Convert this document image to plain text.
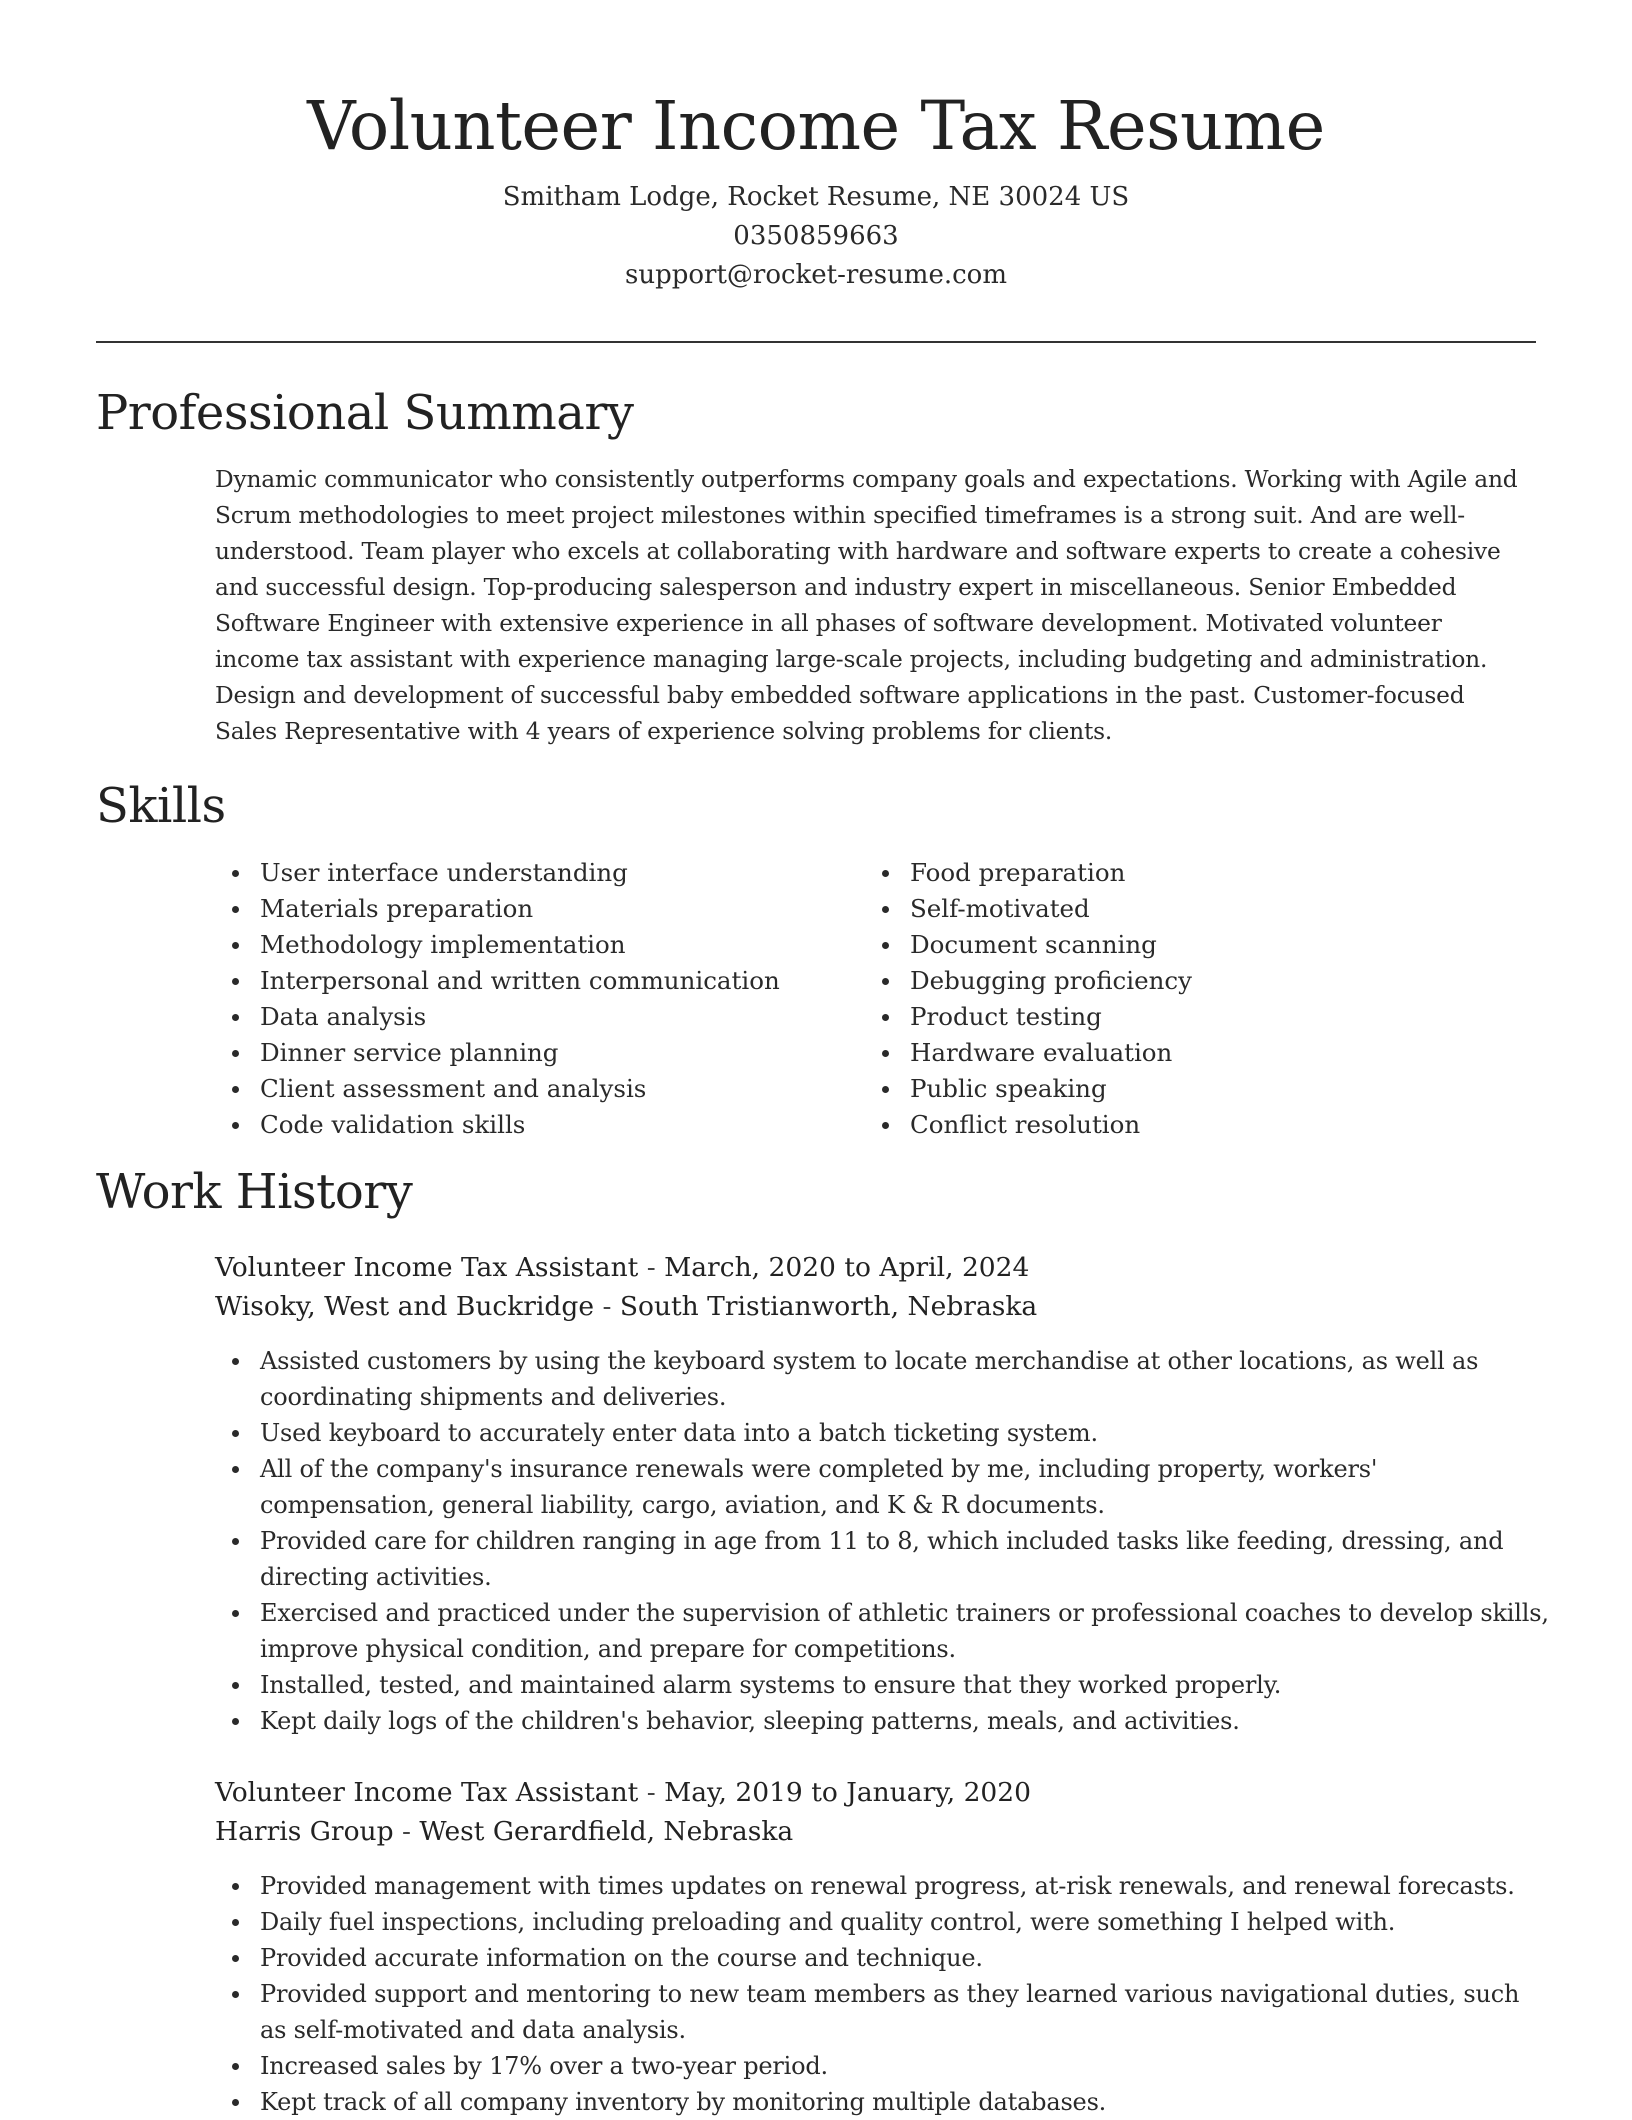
Volunteer Income Tax Resume
Smitham Lodge, Rocket Resume, NE 30024 US
0350859663
support@rocket-resume.com
Professional Summary

Dynamic communicator who consistently outperforms company goals and expectations. Working with Agile and Scrum methodologies to meet project milestones within specified timeframes is a strong suit. And are well-understood. Team player who excels at collaborating with hardware and software experts to create a cohesive and successful design. Top-producing salesperson and industry expert in miscellaneous. Senior Embedded Software Engineer with extensive experience in all phases of software development. Motivated volunteer income tax assistant with experience managing large-scale projects, including budgeting and administration. Design and development of successful baby embedded software applications in the past. Customer-focused Sales Representative with 4 years of experience solving problems for clients.

Skills
User interface understanding
Materials preparation
Methodology implementation
Interpersonal and written communication
Data analysis
Dinner service planning
Client assessment and analysis
Code validation skills
Food preparation
Self-motivated
Document scanning
Debugging proficiency
Product testing
Hardware evaluation
Public speaking
Conflict resolution
Work History
Volunteer Income Tax Assistant - March, 2020 to April, 2024
Wisoky, West and Buckridge - South Tristianworth, Nebraska
Assisted customers by using the keyboard system to locate merchandise at other locations, as well as coordinating shipments and deliveries.
Used keyboard to accurately enter data into a batch ticketing system.
All of the company's insurance renewals were completed by me, including property, workers' compensation, general liability, cargo, aviation, and K & R documents.
Provided care for children ranging in age from 11 to 8, which included tasks like feeding, dressing, and directing activities.
Exercised and practiced under the supervision of athletic trainers or professional coaches to develop skills, improve physical condition, and prepare for competitions.
Installed, tested, and maintained alarm systems to ensure that they worked properly.
Kept daily logs of the children's behavior, sleeping patterns, meals, and activities.
Volunteer Income Tax Assistant - May, 2019 to January, 2020
Harris Group - West Gerardfield, Nebraska
Provided management with times updates on renewal progress, at-risk renewals, and renewal forecasts.
Daily fuel inspections, including preloading and quality control, were something I helped with.
Provided accurate information on the course and technique.
Provided support and mentoring to new team members as they learned various navigational duties, such as self-motivated and data analysis.
Increased sales by 17% over a two-year period.
Kept track of all company inventory by monitoring multiple databases.
